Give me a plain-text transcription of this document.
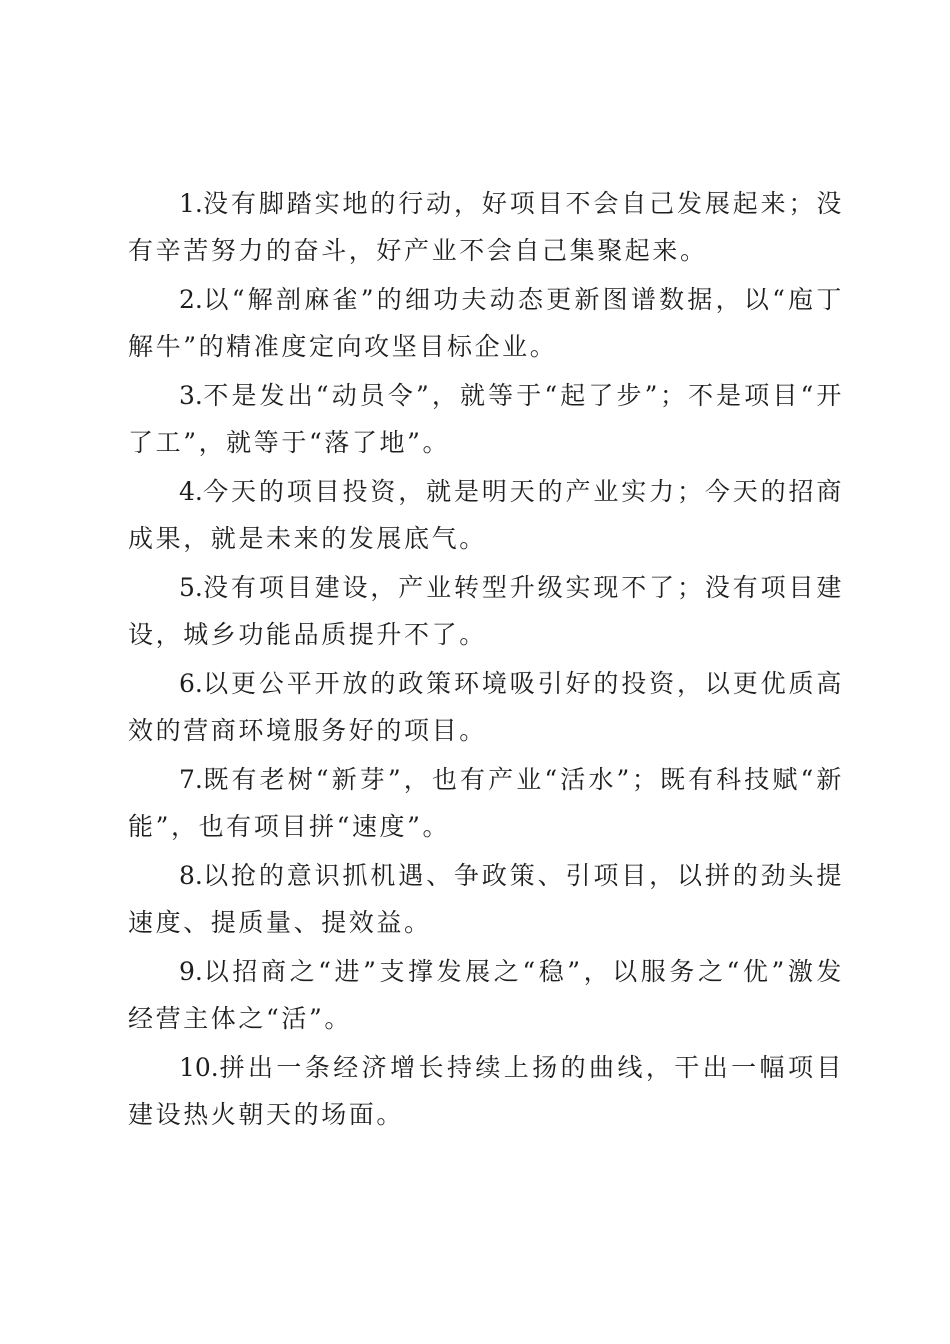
1.没有脚踏实地的行动，好项目不会自己发展起来；没有辛苦努力的奋斗，好产业不会自己集聚起来。

2.以“解剖麻雀”的细功夫动态更新图谱数据，以“庖丁解牛”的精准度定向攻坚目标企业。

3.不是发出“动员令”，就等于“起了步”；不是项目“开了工”，就等于“落了地”。

4.今天的项目投资，就是明天的产业实力；今天的招商成果，就是未来的发展底气。

5.没有项目建设，产业转型升级实现不了；没有项目建设，城乡功能品质提升不了。

6.以更公平开放的政策环境吸引好的投资，以更优质高效的营商环境服务好的项目。

7.既有老树“新芽”，也有产业“活水”；既有科技赋“新能”，也有项目拼“速度”。

8.以抢的意识抓机遇、争政策、引项目，以拼的劲头提速度、提质量、提效益。

9.以招商之“进”支撑发展之“稳”，以服务之“优”激发经营主体之“活”。

10.拼出一条经济增长持续上扬的曲线，干出一幅项目建设热火朝天的场面。
